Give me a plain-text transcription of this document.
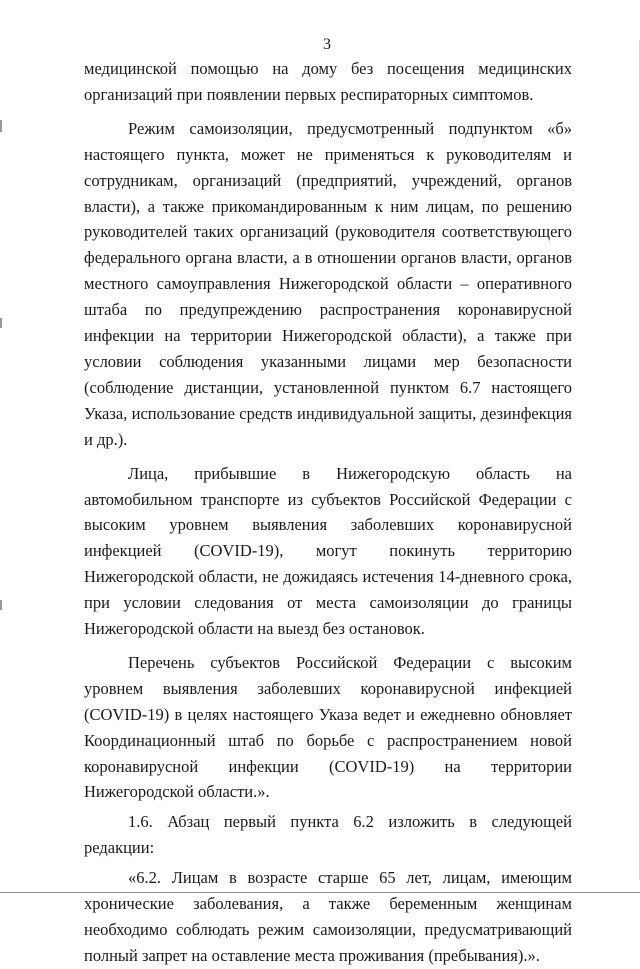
3

медицинской помощью на дому без посещения медицинских организаций при появлении первых респираторных симптомов.

Режим самоизоляции, предусмотренный подпунктом «б» настоящего пункта, может не применяться к руководителям и сотрудникам, организаций (предприятий, учреждений, органов власти), а также прикомандированным к ним лицам, по решению руководителей таких организаций (руководителя соответствующего федерального органа власти, а в отношении органов власти, органов местного самоуправления Нижегородской области – оперативного штаба по предупреждению распространения коронавирусной инфекции на территории Нижегородской области), а также при условии соблюдения указанными лицами мер безопасности (соблюдение дистанции, установленной пунктом 6.7 настоящего Указа, использование средств индивидуальной защиты, дезинфекция и др.).

Лица, прибывшие в Нижегородскую область на автомобильном транспорте из субъектов Российской Федерации с высоким уровнем выявления заболевших коронавирусной инфекцией (COVID-19), могут покинуть территорию Нижегородской области, не дожидаясь истечения 14-дневного срока, при условии следования от места самоизоляции до границы Нижегородской области на выезд без остановок.

Перечень субъектов Российской Федерации с высоким уровнем выявления заболевших коронавирусной инфекцией (COVID-19) в целях настоящего Указа ведет и ежедневно обновляет Координационный штаб по борьбе с распространением новой коронавирусной инфекции (COVID-19) на территории Нижегородской области.».

1.6. Абзац первый пункта 6.2 изложить в следующей редакции:

«6.2. Лицам в возрасте старше 65 лет, лицам, имеющим хронические заболевания, а также беременным женщинам необходимо соблюдать режим самоизоляции, предусматривающий полный запрет на оставление места проживания (пребывания).».
